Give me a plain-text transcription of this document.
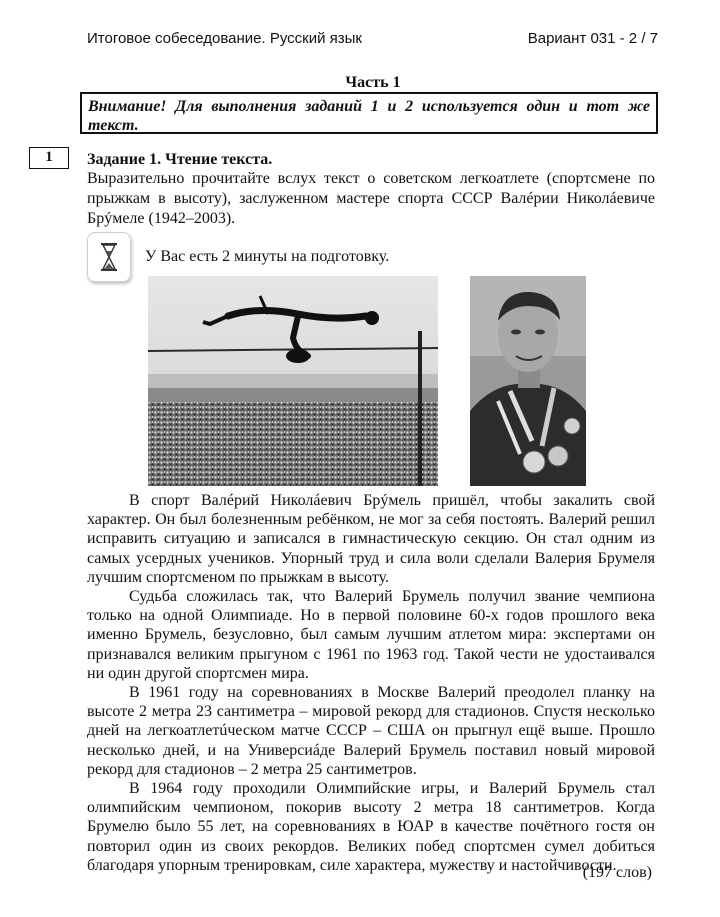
Итоговое собеседование. Русский язык	Вариант 031 - 2 / 7
Часть 1
Внимание! Для выполнения заданий 1 и 2 используется один и тот же текст.
1	Задание 1. Чтение текста.
Выразительно прочитайте вслух текст о советском легкоатлете (спортсмене по прыжкам в высоту), заслуженном мастере спорта СССР Валéрии Николáевиче Брýмеле (1942–2003).
У Вас есть 2 минуты на подготовку.

В спорт Валéрий Николáевич Брýмель пришёл, чтобы закалить свой характер. Он был болезненным ребёнком, не мог за себя постоять. Валерий решил исправить ситуацию и записался в гимнастическую секцию. Он стал одним из самых усердных учеников. Упорный труд и сила воли сделали Валерия Брумеля лучшим спортсменом по прыжкам в высоту.

Судьба сложилась так, что Валерий Брумель получил звание чемпиона только на одной Олимпиаде. Но в первой половине 60-х годов прошлого века именно Брумель, безусловно, был самым лучшим атлетом мира: экспертами он признавался великим прыгуном с 1961 по 1963 год. Такой чести не удостаивался ни один другой спортсмен мира.

В 1961 году на соревнованиях в Москве Валерий преодолел планку на высоте 2 метра 23 сантиметра – мировой рекорд для стадионов. Спустя несколько дней на легкоатлетúческом матче СССР – США он прыгнул ещё выше. Прошло несколько дней, и на Универсиáде Валерий Брумель поставил новый мировой рекорд для стадионов – 2 метра 25 сантиметров.

В 1964 году проходили Олимпийские игры, и Валерий Брумель стал олимпийским чемпионом, покорив высоту 2 метра 18 сантиметров. Когда Брумелю было 55 лет, на соревнованиях в ЮАР в качестве почётного гостя он повторил один из своих рекордов. Великих побед спортсмен сумел добиться благодаря упорным тренировкам, силе характера, мужеству и настойчивости.

(197 слов)
